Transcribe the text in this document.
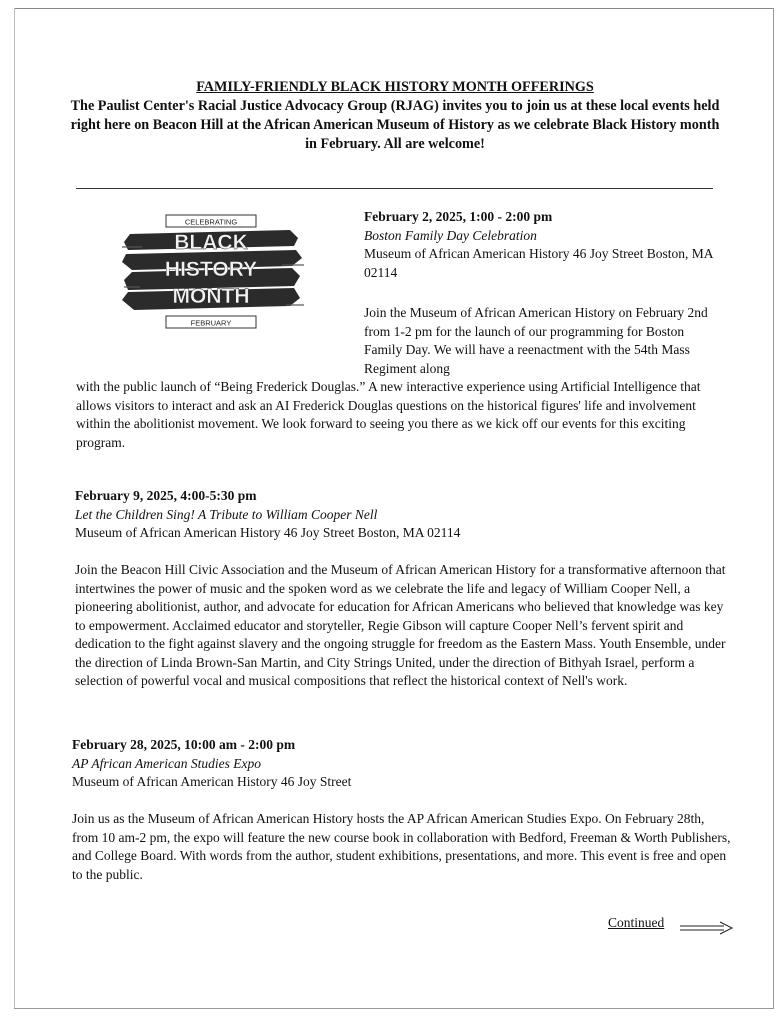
FAMILY-FRIENDLY BLACK HISTORY MONTH OFFERINGS
The Paulist Center's Racial Justice Advocacy Group (RJAG) invites you to join us at these local events held right here on Beacon Hill at the African American Museum of History as we celebrate Black History month in February. All are welcome!
CELEBRATING
BLACK
HISTORY
MONTH
FEBRUARY
February 2, 2025, 1:00 - 2:00 pm
Boston Family Day Celebration
Museum of African American History 46 Joy Street Boston, MA 02114

Join the Museum of African American History on February 2nd from 1-2 pm for the launch of our programming for Boston Family Day. We will have a reenactment with the 54th Mass Regiment along

with the public launch of “Being Frederick Douglas.” A new interactive experience using Artificial Intelligence that allows visitors to interact and ask an AI Frederick Douglas questions on the historical figures' life and involvement within the abolitionist movement. We look forward to seeing you there as we kick off our events for this exciting program.

February 9, 2025, 4:00-5:30 pm
Let the Children Sing! A Tribute to William Cooper Nell
Museum of African American History 46 Joy Street Boston, MA 02114

Join the Beacon Hill Civic Association and the Museum of African American History for a transformative afternoon that intertwines the power of music and the spoken word as we celebrate the life and legacy of William Cooper Nell, a pioneering abolitionist, author, and advocate for education for African Americans who believed that knowledge was key to empowerment. Acclaimed educator and storyteller, Regie Gibson will capture Cooper Nell’s fervent spirit and dedication to the fight against slavery and the ongoing struggle for freedom as the Eastern Mass. Youth Ensemble, under the direction of Linda Brown-San Martin, and City Strings United, under the direction of Bithyah Israel, perform a selection of powerful vocal and musical compositions that reflect the historical context of Nell's work.

February 28, 2025, 10:00 am - 2:00 pm
AP African American Studies Expo
Museum of African American History 46 Joy Street

Join us as the Museum of African American History hosts the AP African American Studies Expo. On February 28th, from 10 am-2 pm, the expo will feature the new course book in collaboration with Bedford, Freeman & Worth Publishers, and College Board. With words from the author, student exhibitions, presentations, and more. This event is free and open to the public.

Continued
